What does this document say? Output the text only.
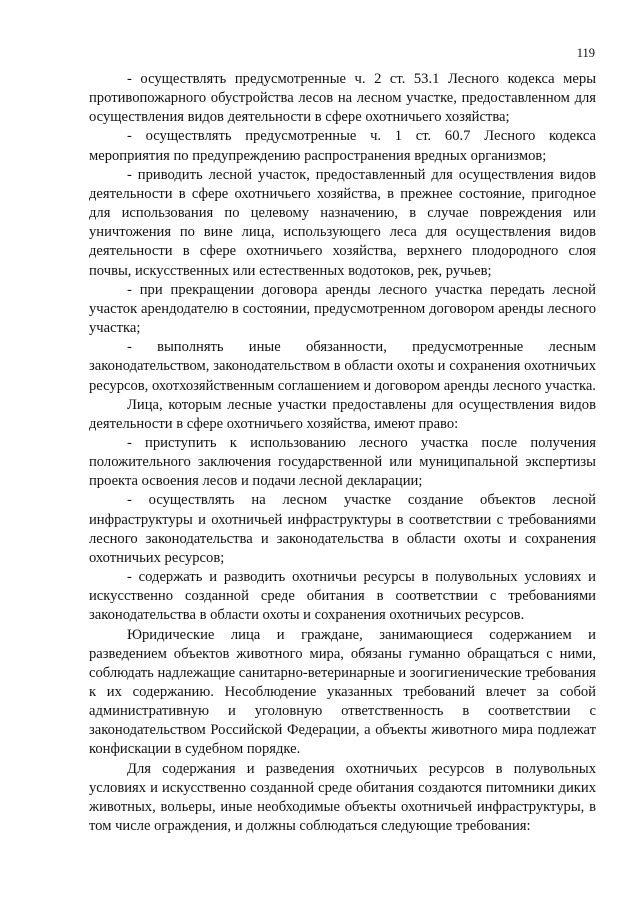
119

- осуществлять предусмотренные ч. 2 ст. 53.1 Лесного кодекса меры противопожарного обустройства лесов на лесном участке, предоставленном для осуществления видов деятельности в сфере охотничьего хозяйства;

- осуществлять предусмотренные ч. 1 ст. 60.7 Лесного кодекса мероприятия по предупреждению распространения вредных организмов;

- приводить лесной участок, предоставленный для осуществления видов деятельности в сфере охотничьего хозяйства, в прежнее состояние, пригодное для использования по целевому назначению, в случае повреждения или уничтожения по вине лица, использующего леса для осуществления видов деятельности в сфере охотничьего хозяйства, верхнего плодородного слоя почвы, искусственных или естественных водотоков, рек, ручьев;

- при прекращении договора аренды лесного участка передать лесной участок арендодателю в состоянии, предусмотренном договором аренды лесного участка;

- выполнять иные обязанности, предусмотренные лесным законодательством, законодательством в области охоты и сохранения охотничьих ресурсов, охотхозяйственным соглашением и договором аренды лесного участка.

Лица, которым лесные участки предоставлены для осуществления видов деятельности в сфере охотничьего хозяйства, имеют право:

- приступить к использованию лесного участка после получения положительного заключения государственной или муниципальной экспертизы проекта освоения лесов и подачи лесной декларации;

- осуществлять на лесном участке создание объектов лесной инфраструктуры и охотничьей инфраструктуры в соответствии с требованиями лесного законодательства и законодательства в области охоты и сохранения охотничьих ресурсов;

- содержать и разводить охотничьи ресурсы в полувольных условиях и искусственно созданной среде обитания в соответствии с требованиями законодательства в области охоты и сохранения охотничьих ресурсов.

Юридические лица и граждане, занимающиеся содержанием и разведением объектов животного мира, обязаны гуманно обращаться с ними, соблюдать надлежащие санитарно-ветеринарные и зоогигиенические требования к их содержанию. Несоблюдение указанных требований влечет за собой административную и уголовную ответственность в соответствии с законодательством Российской Федерации, а объекты животного мира подлежат конфискации в судебном порядке.

Для содержания и разведения охотничьих ресурсов в полувольных условиях и искусственно созданной среде обитания создаются питомники диких животных, вольеры, иные необходимые объекты охотничьей инфраструктуры, в том числе ограждения, и должны соблюдаться следующие требования:
